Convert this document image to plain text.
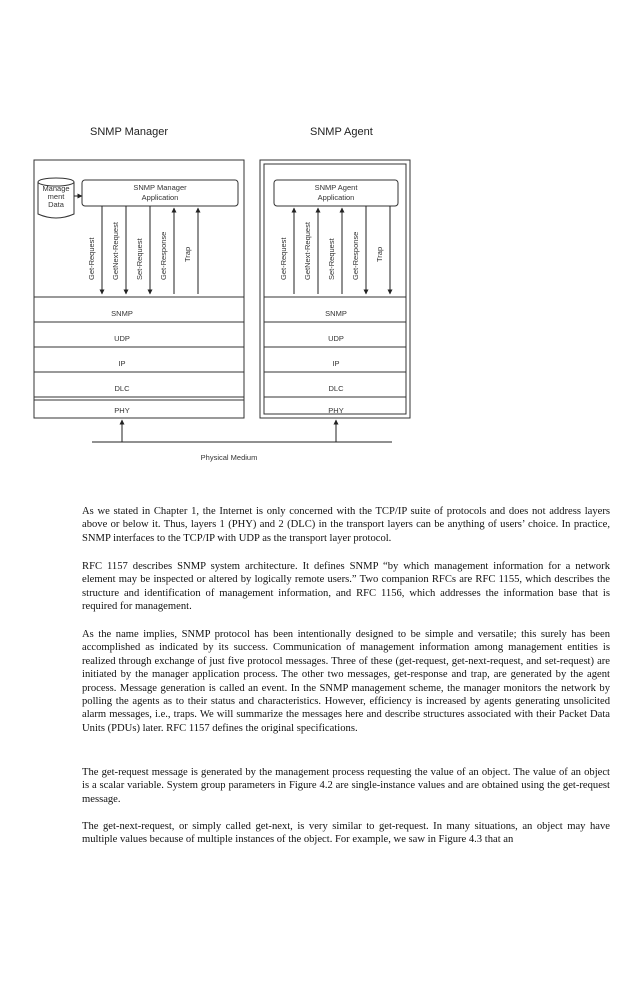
SNMP Manager	SNMP Agent
Manage
ment
Data
SNMP Manager
Application
SNMP Agent
Application
Get-Request GetNext-Request Set-Request Get-Response Trap	Get-Request GetNext-Request Set-Request Get-Response Trap
SNMP
UDP
IP
DLC
PHY
SNMP
UDP
IP
DLC
PHY
Physical Medium

As we stated in Chapter 1, the Internet is only concerned with the TCP/IP suite of protocols and does not address layers above or below it. Thus, layers 1 (PHY) and 2 (DLC) in the transport layers can be anything of users’ choice. In practice, SNMP interfaces to the TCP/IP with UDP as the transport layer protocol.

RFC 1157 describes SNMP system architecture. It defines SNMP “by which management information for a network element may be inspected or altered by logically remote users.” Two companion RFCs are RFC 1155, which describes the structure and identification of management information, and RFC 1156, which addresses the information base that is required for management.

As the name implies, SNMP protocol has been intentionally designed to be simple and versatile; this surely has been accomplished as indicated by its success. Communication of management information among management entities is realized through exchange of just five protocol messages. Three of these (get-request, get-next-request, and set-request) are initiated by the manager application process. The other two messages, get-response and trap, are generated by the agent process. Message generation is called an event. In the SNMP management scheme, the manager monitors the network by polling the agents as to their status and characteristics. However, efficiency is increased by agents generating unsolicited alarm messages, i.e., traps. We will summarize the messages here and describe structures associated with their Packet Data Units (PDUs) later. RFC 1157 defines the original specifications.

The get-request message is generated by the management process requesting the value of an object. The value of an object is a scalar variable. System group parameters in Figure 4.2 are single-instance values and are obtained using the get-request message.

The get-next-request, or simply called get-next, is very similar to get-request. In many situations, an object may have multiple values because of multiple instances of the object. For example, we saw in Figure 4.3 that an
